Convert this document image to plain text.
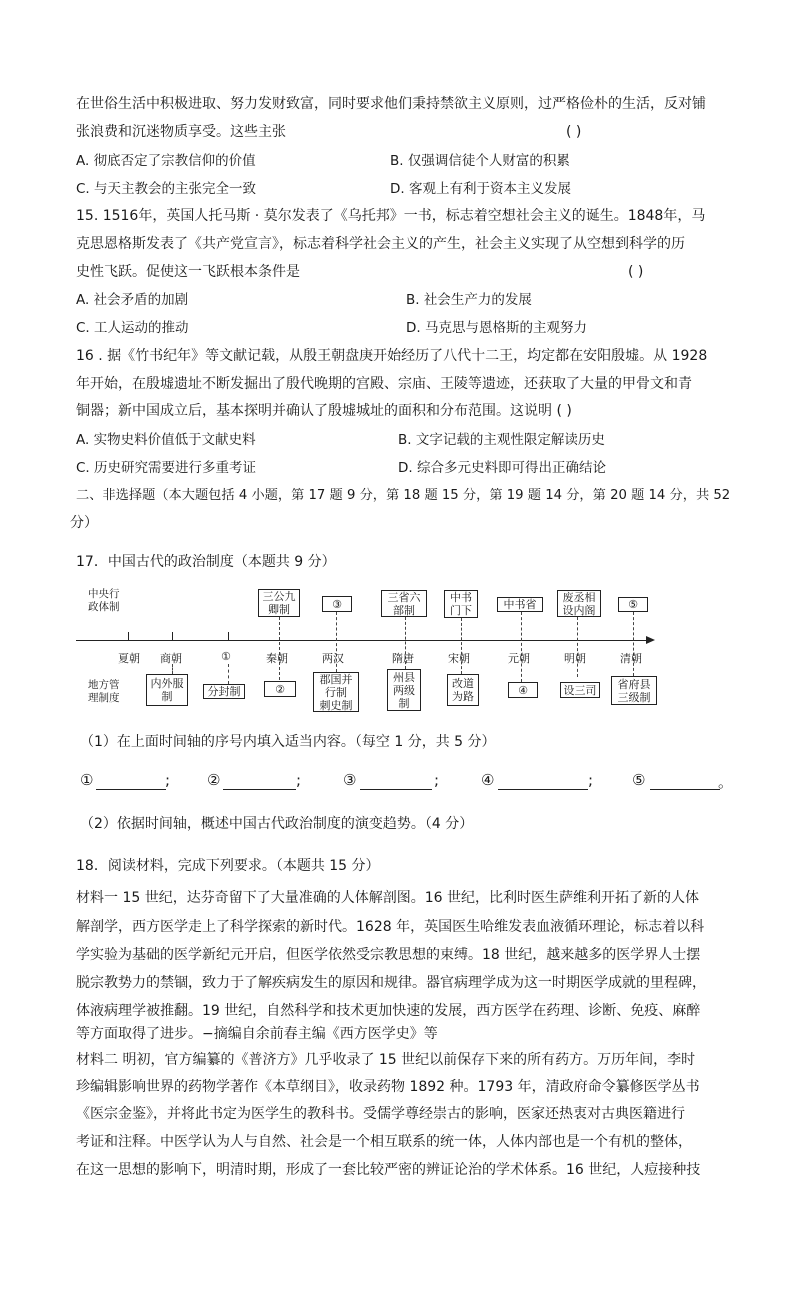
在世俗生活中积极进取、努力发财致富，同时要求他们秉持禁欲主义原则，过严格俭朴的生活，反对铺
张浪费和沉迷物质享受。这些主张	( )
A. 彻底否定了宗教信仰的价值	B. 仅强调信徒个人财富的积累
C. 与天主教会的主张完全一致	D. 客观上有利于资本主义发展
15. 1516年，英国人托马斯 · 莫尔发表了《乌托邦》一书，标志着空想社会主义的诞生。1848年，马
克思恩格斯发表了《共产党宣言》，标志着科学社会主义的产生，社会主义实现了从空想到科学的历
史性飞跃。促使这一飞跃根本条件是	( )
A. 社会矛盾的加剧	B. 社会生产力的发展
C. 工人运动的推动	D. 马克思与恩格斯的主观努力
16 . 据《竹书纪年》等文献记载，从殷王朝盘庚开始经历了八代十二王，均定都在安阳殷墟。从 1928
年开始，在殷墟遗址不断发掘出了殷代晚期的宫殿、宗庙、王陵等遗迹，还获取了大量的甲骨文和青
铜器；新中国成立后，基本探明并确认了殷墟城址的面积和分布范围。这说明 ( )
A. 实物史料价值低于文献史料	B. 文字记载的主观性限定解读历史
C. 历史研究需要进行多重考证	D. 综合多元史料即可得出正确结论
二、非选择题（本大题包括 4 小题，第 17 题 9 分，第 18 题 15 分，第 19 题 14 分，第 20 题 14 分，共 52
分）
17．中国古代的政治制度（本题共 9 分）
中央行
政体制
地方管
理制度
夏朝 商朝	①	秦朝	两汉	隋唐	宋朝	元朝	明朝	清朝
三公九
卿制	③
三省六
部制
中书
门下	中书省
废丞相
设内阁	⑤
内外服
制	分封制	②
郡国并
行制
刺史制
州县
两级
制
改道
为路	④	设三司	省府县
三级制
（1）在上面时间轴的序号内填入适当内容。（每空 1 分，共 5 分）
①	; ②	;	③	;	④	;	⑤	。
（2）依据时间轴，概述中国古代政治制度的演变趋势。（4 分）
18．阅读材料，完成下列要求。（本题共 15 分）
材料一 15 世纪，达芬奇留下了大量准确的人体解剖图。16 世纪，比利时医生萨维利开拓了新的人体
解剖学，西方医学走上了科学探索的新时代。1628 年，英国医生哈维发表血液循环理论，标志着以科
学实验为基础的医学新纪元开启，但医学依然受宗教思想的束缚。18 世纪，越来越多的医学界人士摆
脱宗教势力的禁锢，致力于了解疾病发生的原因和规律。器官病理学成为这一时期医学成就的里程碑，
体液病理学被推翻。19 世纪，自然科学和技术更加快速的发展，西方医学在药理、诊断、免疫、麻醉
等方面取得了进步。−摘编自余前春主编《西方医学史》等
材料二 明初，官方编纂的《普济方》几乎收录了 15 世纪以前保存下来的所有药方。万历年间，李时
珍编辑影响世界的药物学著作《本草纲目》，收录药物 1892 种。1793 年，清政府命令纂修医学丛书
《医宗金鉴》，并将此书定为医学生的教科书。受儒学尊经崇古的影响，医家还热衷对古典医籍进行
考证和注释。中医学认为人与自然、社会是一个相互联系的统一体，人体内部也是一个有机的整体，
在这一思想的影响下，明清时期，形成了一套比较严密的辨证论治的学术体系。16 世纪，人痘接种技
